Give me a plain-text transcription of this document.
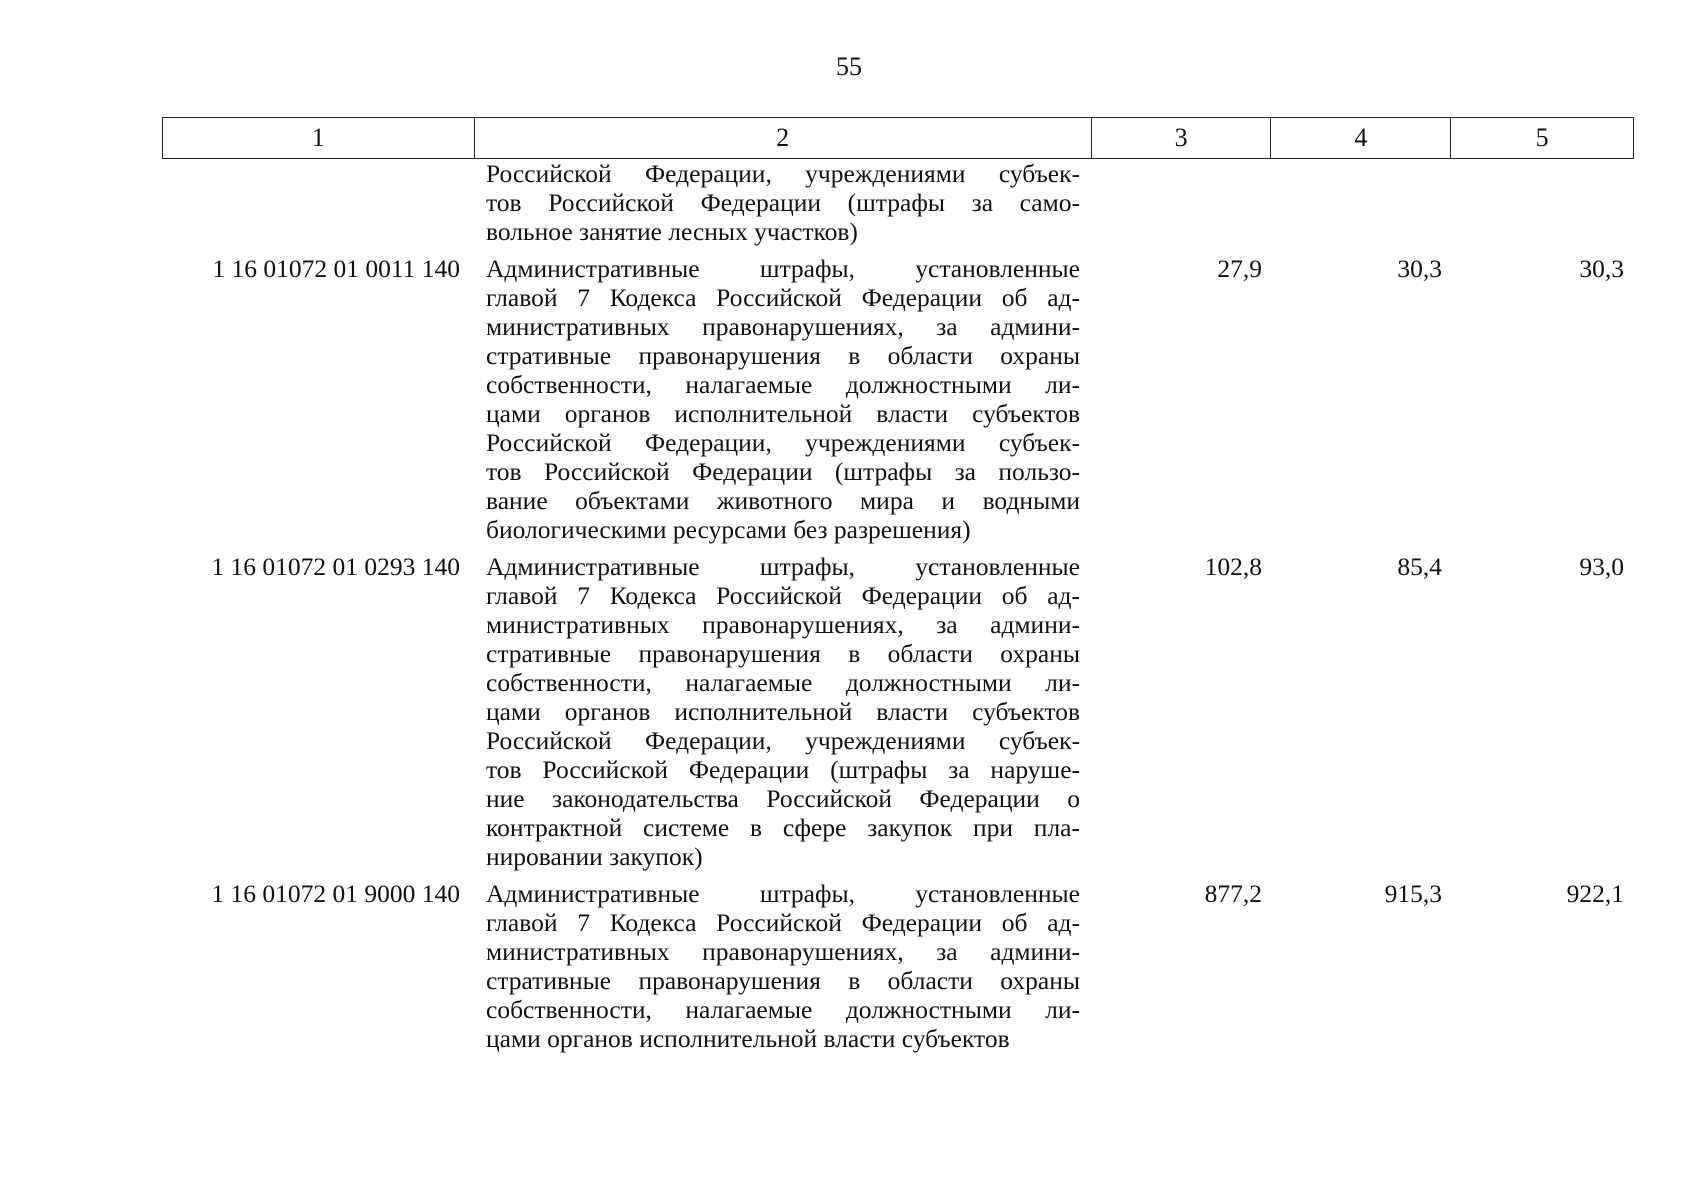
55
1	2	3	4	5
Российской Федерации, учреждениями субъек-
тов Российской Федерации (штрафы за само-
вольное занятие лесных участков)
1 16 01072 01 0011 140	Административные штрафы, установленные
главой 7 Кодекса Российской Федерации об ад-
министративных правонарушениях, за админи-
стративные правонарушения в области охраны
собственности, налагаемые должностными ли-
цами органов исполнительной власти субъектов
Российской Федерации, учреждениями субъек-
тов Российской Федерации (штрафы за пользо-
вание объектами животного мира и водными
биологическими ресурсами без разрешения)
27,9	30,3	30,3
1 16 01072 01 0293 140	Административные штрафы, установленные
главой 7 Кодекса Российской Федерации об ад-
министративных правонарушениях, за админи-
стративные правонарушения в области охраны
собственности, налагаемые должностными ли-
цами органов исполнительной власти субъектов
Российской Федерации, учреждениями субъек-
тов Российской Федерации (штрафы за наруше-
ние законодательства Российской Федерации о
контрактной системе в сфере закупок при пла-
нировании закупок)
102,8	85,4	93,0
1 16 01072 01 9000 140	Административные штрафы, установленные
главой 7 Кодекса Российской Федерации об ад-
министративных правонарушениях, за админи-
стративные правонарушения в области охраны
собственности, налагаемые должностными ли-
цами органов исполнительной власти субъектов
877,2	915,3	922,1
